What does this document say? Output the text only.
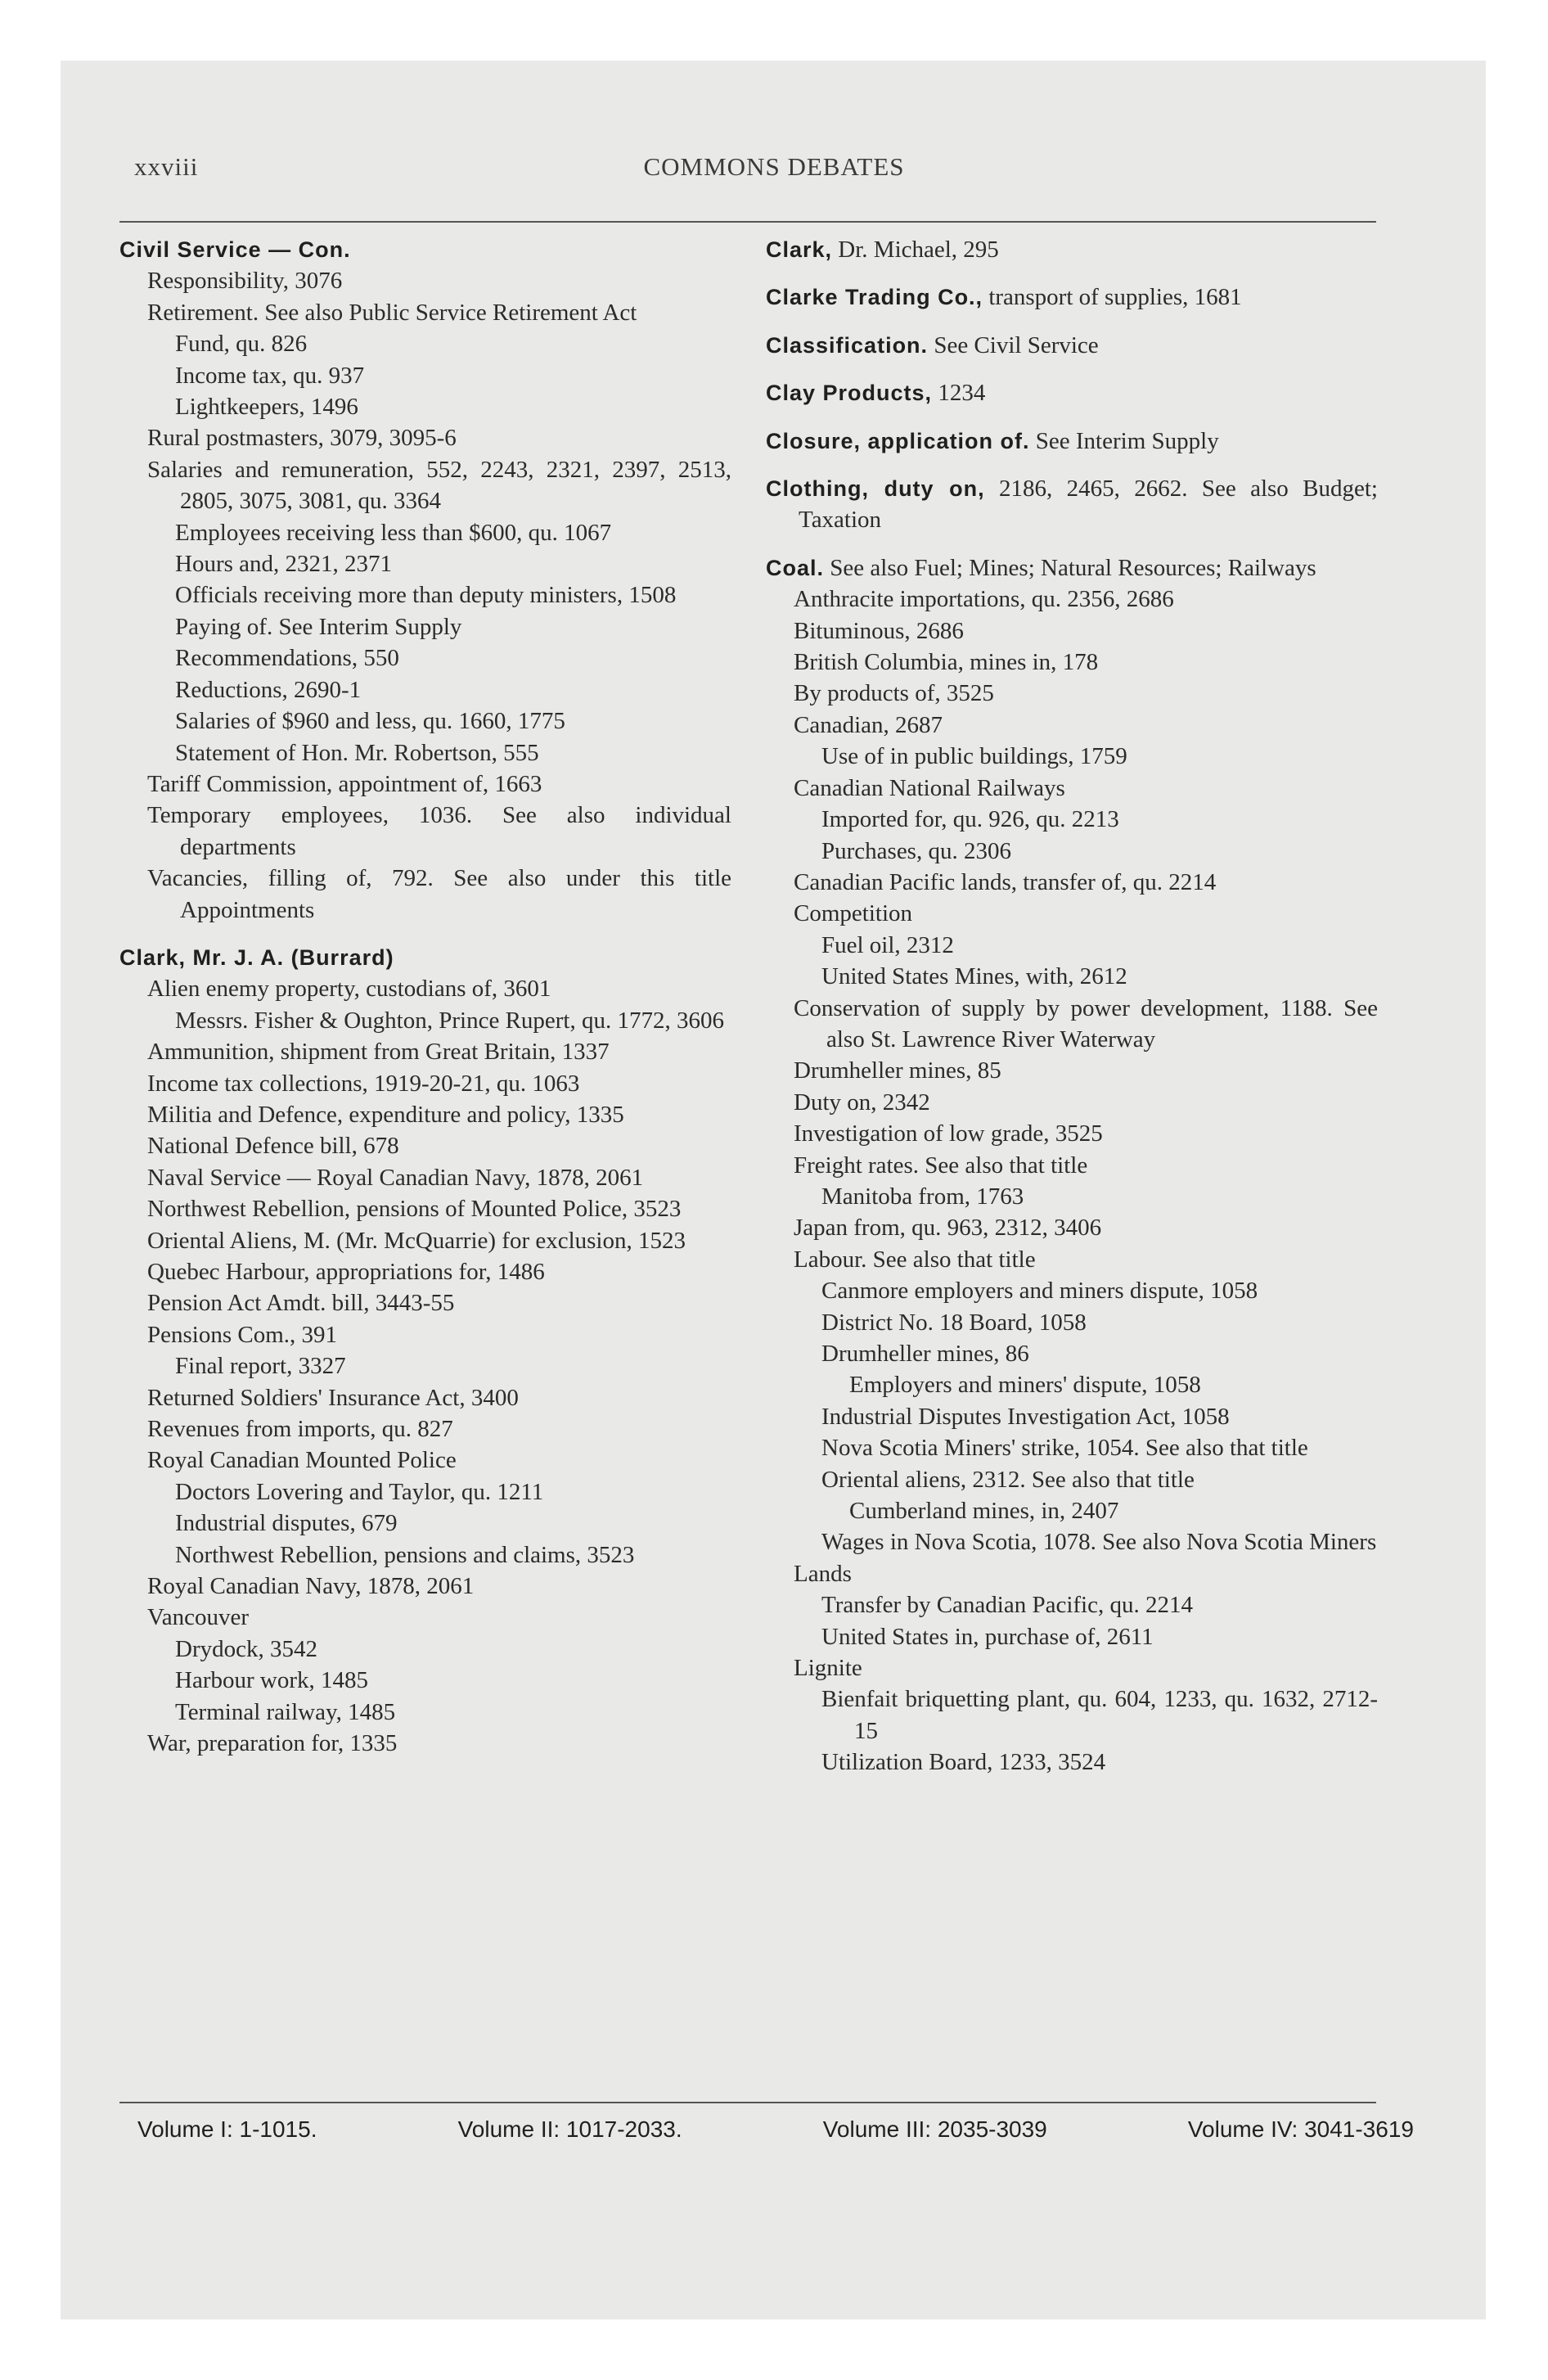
xxviii	COMMONS DEBATES
Civil Service — Con.
Responsibility, 3076
Retirement. See also Public Service Retirement Act
Fund, qu. 826
Income tax, qu. 937
Lightkeepers, 1496
Rural postmasters, 3079, 3095-6
Salaries and remuneration, 552, 2243, 2321, 2397, 2513, 2805, 3075, 3081, qu. 3364
Employees receiving less than $600, qu. 1067
Hours and, 2321, 2371
Officials receiving more than deputy ministers, 1508
Paying of. See Interim Supply
Recommendations, 550
Reductions, 2690-1
Salaries of $960 and less, qu. 1660, 1775
Statement of Hon. Mr. Robertson, 555
Tariff Commission, appointment of, 1663
Temporary employees, 1036. See also individual departments
Vacancies, filling of, 792. See also under this title Appointments
Clark, Mr. J. A. (Burrard)
Alien enemy property, custodians of, 3601
Messrs. Fisher & Oughton, Prince Rupert, qu. 1772, 3606
Ammunition, shipment from Great Britain, 1337
Income tax collections, 1919-20-21, qu. 1063
Militia and Defence, expenditure and policy, 1335
National Defence bill, 678
Naval Service — Royal Canadian Navy, 1878, 2061
Northwest Rebellion, pensions of Mounted Police, 3523
Oriental Aliens, M. (Mr. McQuarrie) for exclusion, 1523
Quebec Harbour, appropriations for, 1486
Pension Act Amdt. bill, 3443-55
Pensions Com., 391
Final report, 3327
Returned Soldiers' Insurance Act, 3400
Revenues from imports, qu. 827
Royal Canadian Mounted Police
Doctors Lovering and Taylor, qu. 1211
Industrial disputes, 679
Northwest Rebellion, pensions and claims, 3523
Royal Canadian Navy, 1878, 2061
Vancouver
Drydock, 3542
Harbour work, 1485
Terminal railway, 1485
War, preparation for, 1335
Clark, Dr. Michael, 295
Clarke Trading Co., transport of supplies, 1681
Classification. See Civil Service
Clay Products, 1234
Closure, application of. See Interim Supply
Clothing, duty on, 2186, 2465, 2662. See also Budget; Taxation
Coal. See also Fuel; Mines; Natural Resources; Railways
Anthracite importations, qu. 2356, 2686
Bituminous, 2686
British Columbia, mines in, 178
By products of, 3525
Canadian, 2687
Use of in public buildings, 1759
Canadian National Railways
Imported for, qu. 926, qu. 2213
Purchases, qu. 2306
Canadian Pacific lands, transfer of, qu. 2214
Competition
Fuel oil, 2312
United States Mines, with, 2612
Conservation of supply by power development, 1188. See also St. Lawrence River Waterway
Drumheller mines, 85
Duty on, 2342
Investigation of low grade, 3525
Freight rates. See also that title
Manitoba from, 1763
Japan from, qu. 963, 2312, 3406
Labour. See also that title
Canmore employers and miners dispute, 1058
District No. 18 Board, 1058
Drumheller mines, 86
Employers and miners' dispute, 1058
Industrial Disputes Investigation Act, 1058
Nova Scotia Miners' strike, 1054. See also that title
Oriental aliens, 2312. See also that title
Cumberland mines, in, 2407
Wages in Nova Scotia, 1078. See also Nova Scotia Miners
Lands
Transfer by Canadian Pacific, qu. 2214
United States in, purchase of, 2611
Lignite
Bienfait briquetting plant, qu. 604, 1233, qu. 1632, 2712-15
Utilization Board, 1233, 3524
Volume I: 1-1015.	Volume II: 1017-2033.	Volume III: 2035-3039	Volume IV: 3041-3619
